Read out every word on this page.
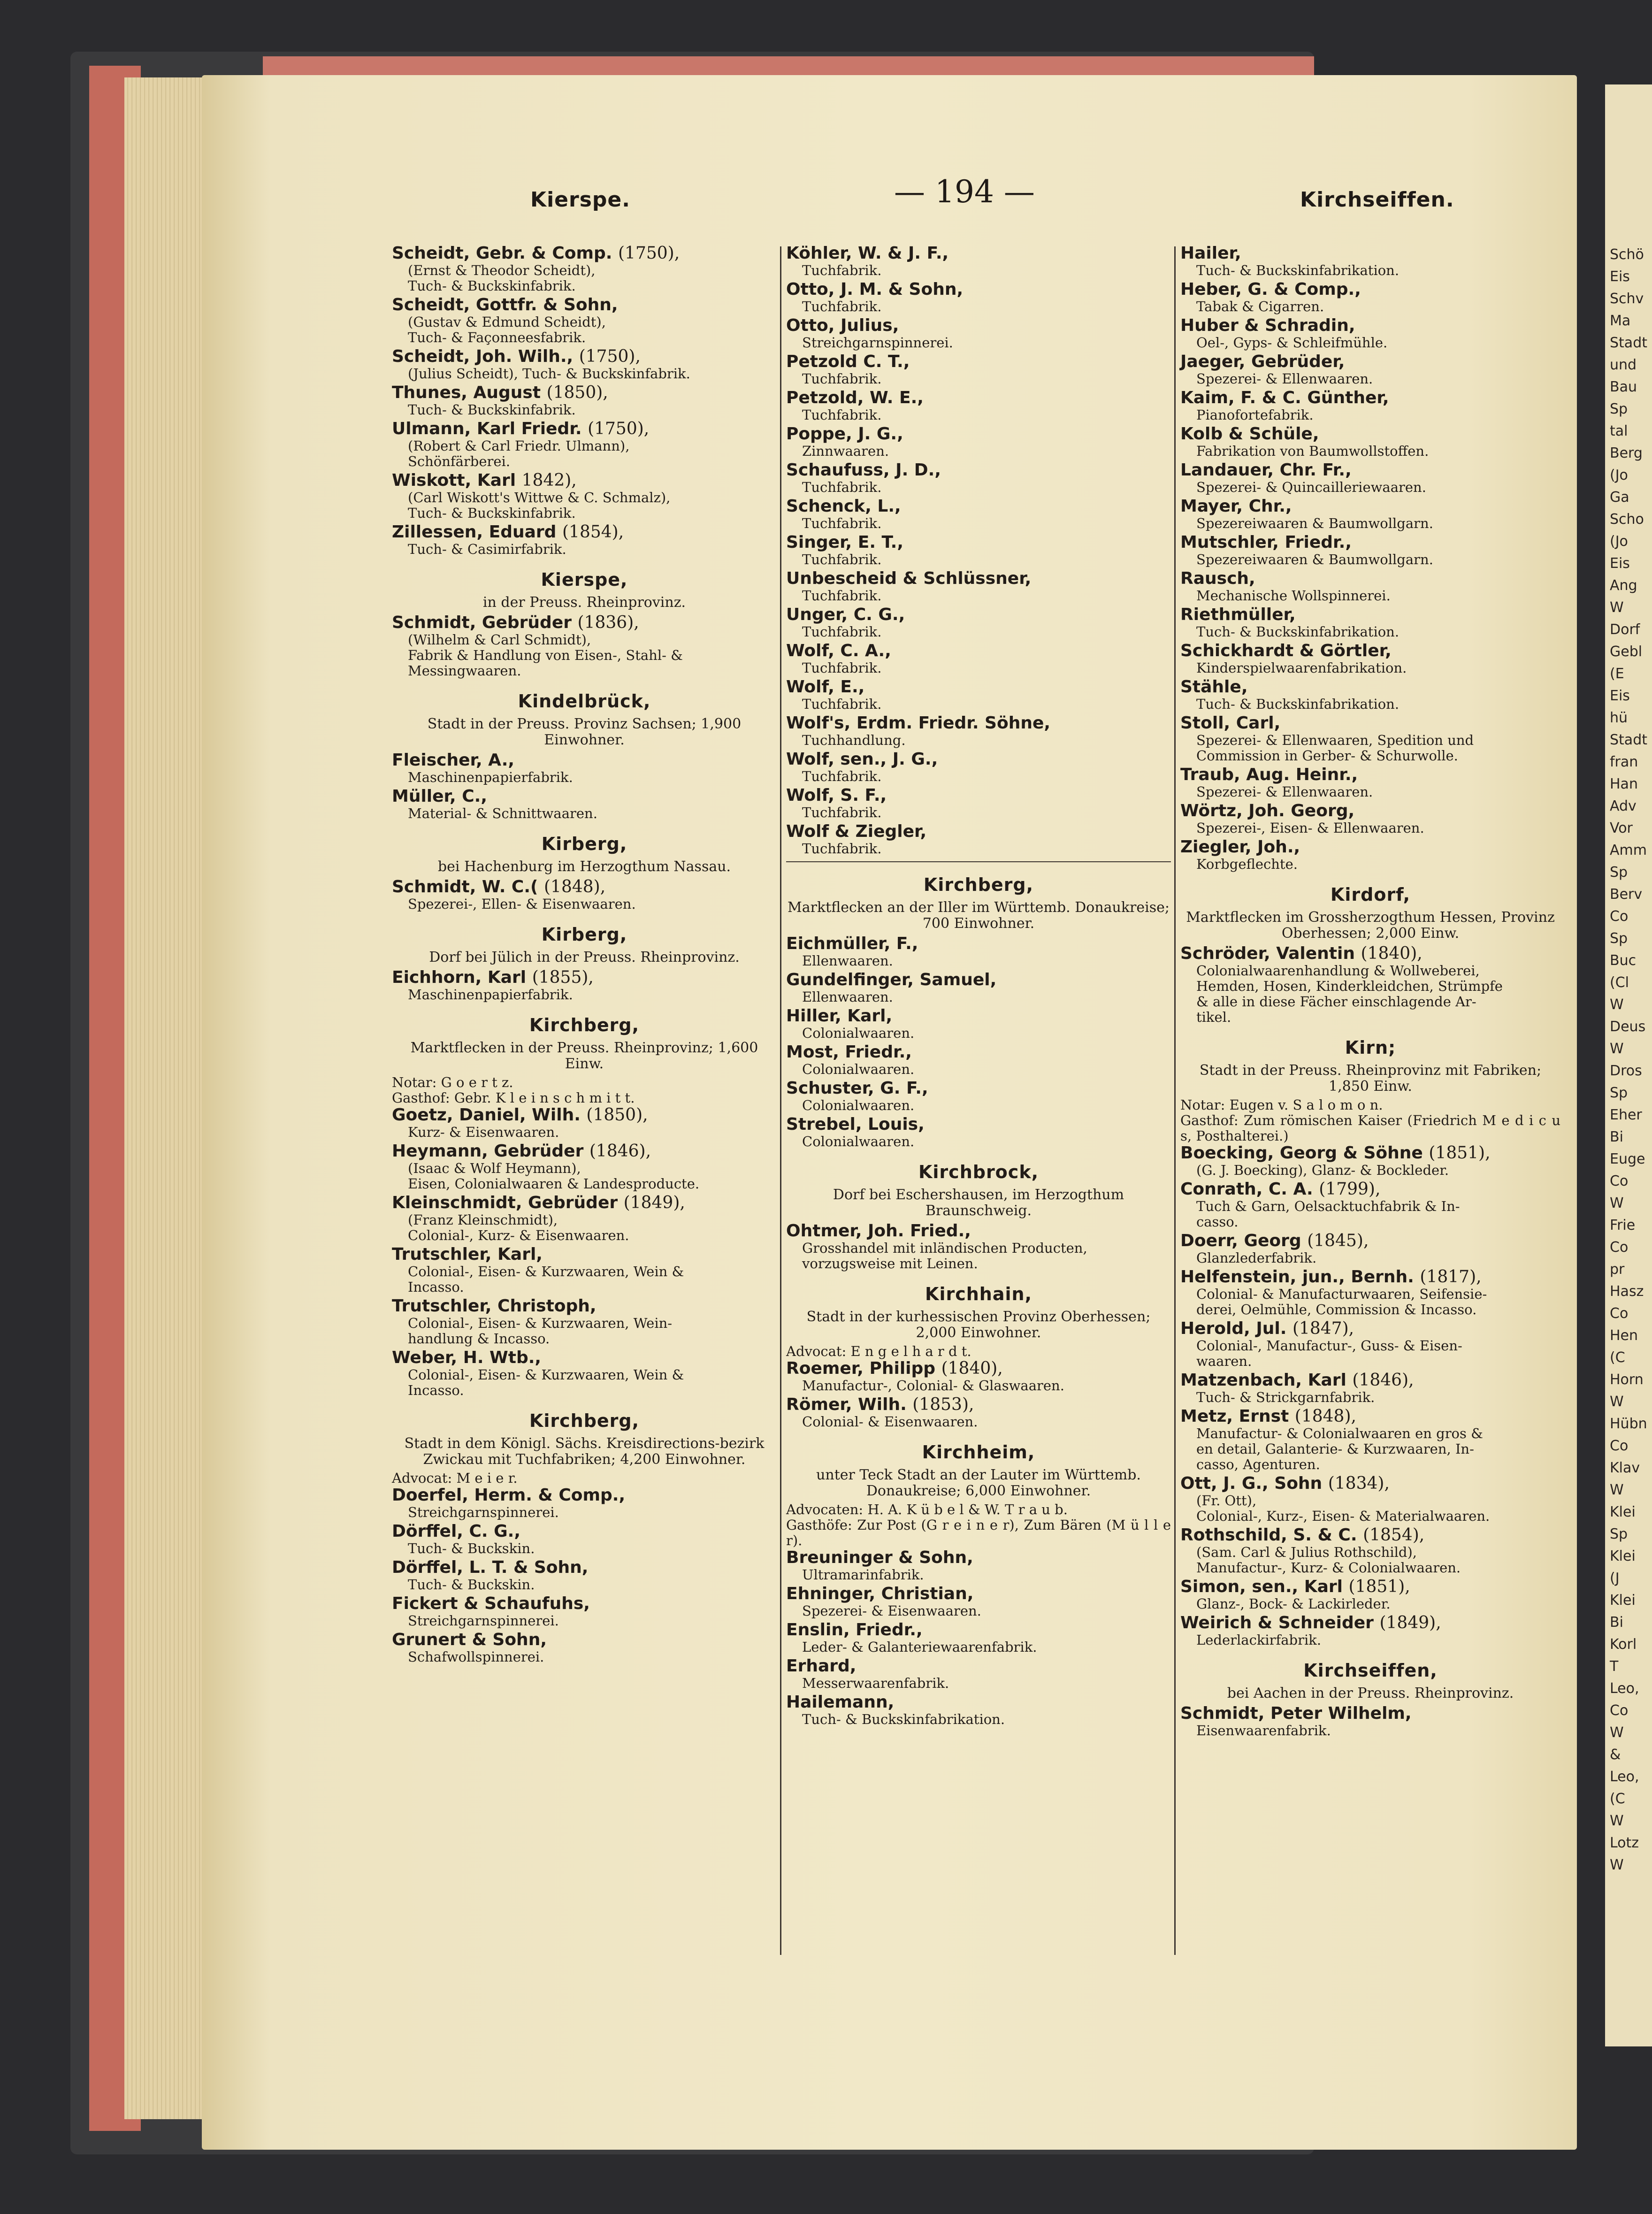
Schö
Eis
Schv
Ma
Stadt
und
Bau
Sp
tal
Berg
(Jo
Ga
Scho
(Jo
Eis
Ang
W
Dorf
Gebl
(E
Eis
hü
Stadt
fran
Han
Adv
Vor
Amm
Sp
Berv
Co
Sp
Buc
(Cl
W
Deus
W
Dros
Sp
Eher
Bi
Euge
Co
W
Frie
Co
pr
Hasz
Co
Hen
(C
Horn
W
Hübn
Co
Klav
W
Klei
Sp
Klei
(J
Klei
Bi
Korl
T
Leo,
Co
W
&
Leo,
(C
W
Lotz
W
Kierspe.	— 194 —	Kirchseiffen.
Scheidt, Gebr. & Comp. (1750),
(Ernst & Theodor Scheidt),
Tuch- & Buckskinfabrik.
Scheidt, Gottfr. & Sohn,
(Gustav & Edmund Scheidt),
Tuch- & Façonneesfabrik.
Scheidt, Joh. Wilh., (1750),
(Julius Scheidt), Tuch- & Buckskinfabrik.
Thunes, August (1850),
Tuch- & Buckskinfabrik.
Ulmann, Karl Friedr. (1750),
(Robert & Carl Friedr. Ulmann),
Schönfärberei.
Wiskott, Karl 1842),
(Carl Wiskott's Wittwe & C. Schmalz),
Tuch- & Buckskinfabrik.
Zillessen, Eduard (1854),
Tuch- & Casimirfabrik.
Kierspe,
in der Preuss. Rheinprovinz.
Schmidt, Gebrüder (1836),
(Wilhelm & Carl Schmidt),
Fabrik & Handlung von Eisen-, Stahl- &
Messingwaaren.
Kindelbrück,
Stadt in der Preuss. Provinz Sachsen; 1,900 Einwohner.
Fleischer, A.,
Maschinenpapierfabrik.
Müller, C.,
Material- & Schnittwaaren.
Kirberg,
bei Hachenburg im Herzogthum Nassau.
Schmidt, W. C.( (1848),
Spezerei-, Ellen- & Eisenwaaren.
Kirberg,
Dorf bei Jülich in der Preuss. Rheinprovinz.
Eichhorn, Karl (1855),
Maschinenpapierfabrik.
Kirchberg,
Marktflecken in der Preuss. Rheinprovinz; 1,600 Einw.
Notar: G o e r t z.
Gasthof: Gebr. K l e i n s c h m i t t.
Goetz, Daniel, Wilh. (1850),
Kurz- & Eisenwaaren.
Heymann, Gebrüder (1846),
(Isaac & Wolf Heymann),
Eisen, Colonialwaaren & Landesproducte.
Kleinschmidt, Gebrüder (1849),
(Franz Kleinschmidt),
Colonial-, Kurz- & Eisenwaaren.
Trutschler, Karl,
Colonial-, Eisen- & Kurzwaaren, Wein &
Incasso.
Trutschler, Christoph,
Colonial-, Eisen- & Kurzwaaren, Wein-
handlung & Incasso.
Weber, H. Wtb.,
Colonial-, Eisen- & Kurzwaaren, Wein &
Incasso.
Kirchberg,
Stadt in dem Königl. Sächs. Kreisdirections-bezirk Zwickau mit Tuchfabriken; 4,200 Einwohner.
Advocat: M e i e r.
Doerfel, Herm. & Comp.,
Streichgarnspinnerei.
Dörffel, C. G.,
Tuch- & Buckskin.
Dörffel, L. T. & Sohn,
Tuch- & Buckskin.
Fickert & Schaufuhs,
Streichgarnspinnerei.
Grunert & Sohn,
Schafwollspinnerei.
Köhler, W. & J. F.,
Tuchfabrik.
Otto, J. M. & Sohn,
Tuchfabrik.
Otto, Julius,
Streichgarnspinnerei.
Petzold C. T.,
Tuchfabrik.
Petzold, W. E.,
Tuchfabrik.
Poppe, J. G.,
Zinnwaaren.
Schaufuss, J. D.,
Tuchfabrik.
Schenck, L.,
Tuchfabrik.
Singer, E. T.,
Tuchfabrik.
Unbescheid & Schlüssner,
Tuchfabrik.
Unger, C. G.,
Tuchfabrik.
Wolf, C. A.,
Tuchfabrik.
Wolf, E.,
Tuchfabrik.
Wolf's, Erdm. Friedr. Söhne,
Tuchhandlung.
Wolf, sen., J. G.,
Tuchfabrik.
Wolf, S. F.,
Tuchfabrik.
Wolf & Ziegler,
Tuchfabrik.
Kirchberg,
Marktflecken an der Iller im Württemb. Donaukreise; 700 Einwohner.
Eichmüller, F.,
Ellenwaaren.
Gundelfinger, Samuel,
Ellenwaaren.
Hiller, Karl,
Colonialwaaren.
Most, Friedr.,
Colonialwaaren.
Schuster, G. F.,
Colonialwaaren.
Strebel, Louis,
Colonialwaaren.
Kirchbrock,
Dorf bei Eschershausen, im Herzogthum Braunschweig.
Ohtmer, Joh. Fried.,
Grosshandel mit inländischen Producten,
vorzugsweise mit Leinen.
Kirchhain,
Stadt in der kurhessischen Provinz Oberhessen; 2,000 Einwohner.
Advocat: E n g e l h a r d t.
Roemer, Philipp (1840),
Manufactur-, Colonial- & Glaswaaren.
Römer, Wilh. (1853),
Colonial- & Eisenwaaren.
Kirchheim,
unter Teck Stadt an der Lauter im Württemb. Donaukreise; 6,000 Einwohner.
Advocaten: H. A. K ü b e l & W. T r a u b.
Gasthöfe: Zur Post (G r e i n e r), Zum Bären (M ü l l e r).
Breuninger & Sohn,
Ultramarinfabrik.
Ehninger, Christian,
Spezerei- & Eisenwaaren.
Enslin, Friedr.,
Leder- & Galanteriewaarenfabrik.
Erhard,
Messerwaarenfabrik.
Hailemann,
Tuch- & Buckskinfabrikation.
Hailer,
Tuch- & Buckskinfabrikation.
Heber, G. & Comp.,
Tabak & Cigarren.
Huber & Schradin,
Oel-, Gyps- & Schleifmühle.
Jaeger, Gebrüder,
Spezerei- & Ellenwaaren.
Kaim, F. & C. Günther,
Pianofortefabrik.
Kolb & Schüle,
Fabrikation von Baumwollstoffen.
Landauer, Chr. Fr.,
Spezerei- & Quincailleriewaaren.
Mayer, Chr.,
Spezereiwaaren & Baumwollgarn.
Mutschler, Friedr.,
Spezereiwaaren & Baumwollgarn.
Rausch,
Mechanische Wollspinnerei.
Riethmüller,
Tuch- & Buckskinfabrikation.
Schickhardt & Görtler,
Kinderspielwaarenfabrikation.
Stähle,
Tuch- & Buckskinfabrikation.
Stoll, Carl,
Spezerei- & Ellenwaaren, Spedition und
Commission in Gerber- & Schurwolle.
Traub, Aug. Heinr.,
Spezerei- & Ellenwaaren.
Wörtz, Joh. Georg,
Spezerei-, Eisen- & Ellenwaaren.
Ziegler, Joh.,
Korbgeflechte.
Kirdorf,
Marktflecken im Grossherzogthum Hessen, Provinz Oberhessen; 2,000 Einw.
Schröder, Valentin (1840),
Colonialwaarenhandlung & Wollweberei,
Hemden, Hosen, Kinderkleidchen, Strümpfe
& alle in diese Fächer einschlagende Ar-
tikel.
Kirn;
Stadt in der Preuss. Rheinprovinz mit Fabriken; 1,850 Einw.
Notar: Eugen v. S a l o m o n.
Gasthof: Zum römischen Kaiser (Friedrich M e d i c u s, Posthalterei.)
Boecking, Georg & Söhne (1851),
(G. J. Boecking), Glanz- & Bockleder.
Conrath, C. A. (1799),
Tuch & Garn, Oelsacktuchfabrik & In-
casso.
Doerr, Georg (1845),
Glanzlederfabrik.
Helfenstein, jun., Bernh. (1817),
Colonial- & Manufacturwaaren, Seifensie-
derei, Oelmühle, Commission & Incasso.
Herold, Jul. (1847),
Colonial-, Manufactur-, Guss- & Eisen-
waaren.
Matzenbach, Karl (1846),
Tuch- & Strickgarnfabrik.
Metz, Ernst (1848),
Manufactur- & Colonialwaaren en gros &
en detail, Galanterie- & Kurzwaaren, In-
casso, Agenturen.
Ott, J. G., Sohn (1834),
(Fr. Ott),
Colonial-, Kurz-, Eisen- & Materialwaaren.
Rothschild, S. & C. (1854),
(Sam. Carl & Julius Rothschild),
Manufactur-, Kurz- & Colonialwaaren.
Simon, sen., Karl (1851),
Glanz-, Bock- & Lackirleder.
Weirich & Schneider (1849),
Lederlackirfabrik.
Kirchseiffen,
bei Aachen in der Preuss. Rheinprovinz.
Schmidt, Peter Wilhelm,
Eisenwaarenfabrik.
